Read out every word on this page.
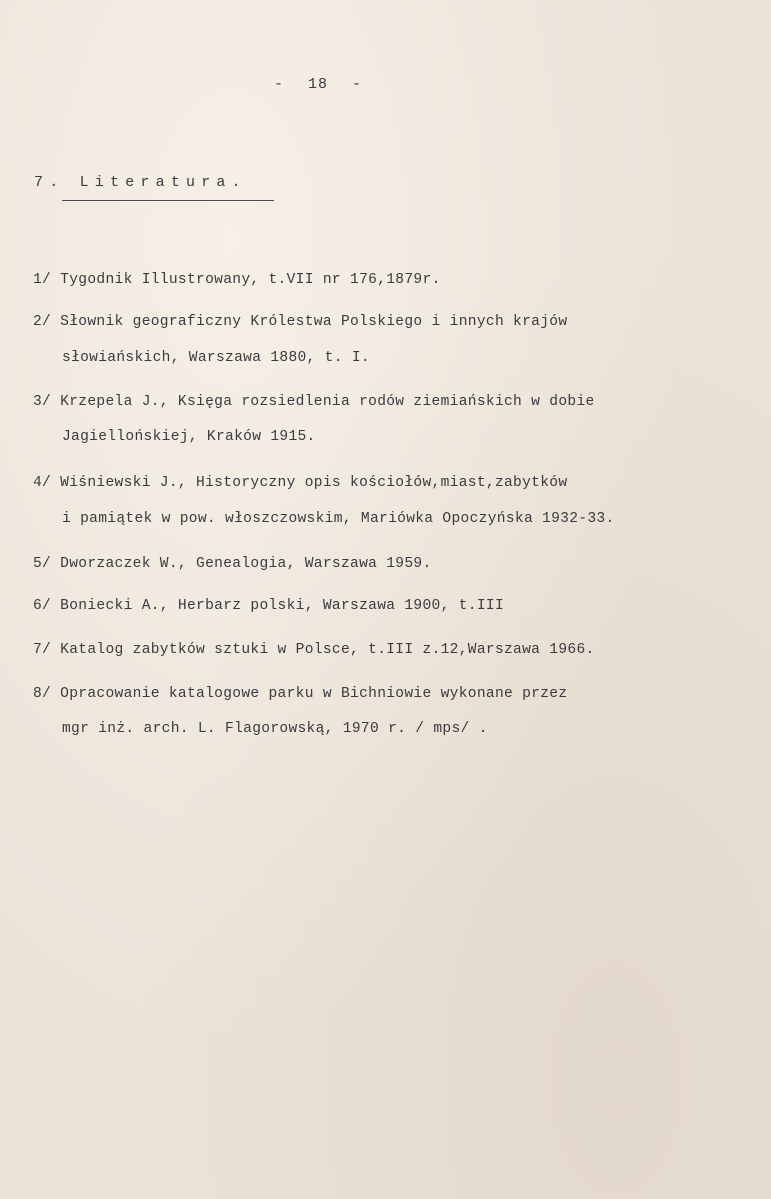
- 18 -
7. Literatura.
1/ Tygodnik Illustrowany, t.VII nr 176,1879r.
2/ Słownik geograficzny Królestwa Polskiego i innych krajów
słowiańskich, Warszawa 1880, t. I.
3/ Krzepela J., Księga rozsiedlenia rodów ziemiańskich w dobie
Jagiellońskiej, Kraków 1915.
4/ Wiśniewski J., Historyczny opis kościołów,miast,zabytków
i pamiątek w pow. włoszczowskim, Mariówka Opoczyńska 1932-33.
5/ Dworzaczek W., Genealogia, Warszawa 1959.
6/ Boniecki A., Herbarz polski, Warszawa 1900, t.III
7/ Katalog zabytków sztuki w Polsce, t.III z.12,Warszawa 1966.
8/ Opracowanie katalogowe parku w Bichniowie wykonane przez
mgr inż. arch. L. Flagorowską, 1970 r. / mps/ .
